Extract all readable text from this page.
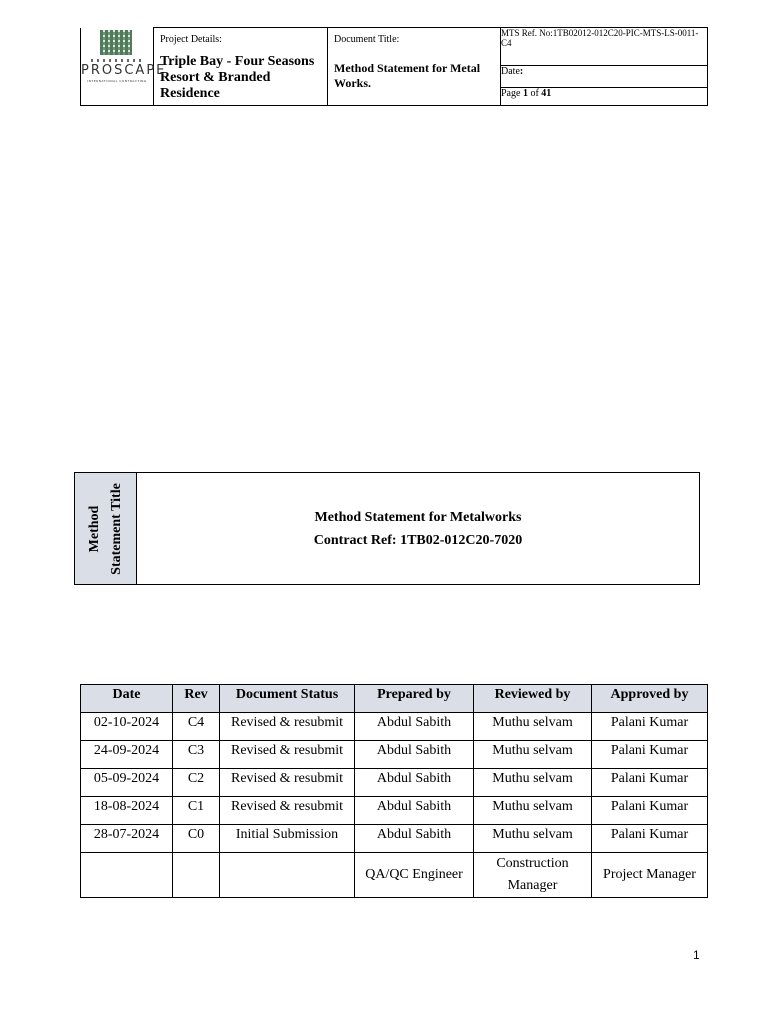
PROSCAPE
INTERNATIONAL CONTRACTING

Project Details:
Triple Bay - Four Seasons Resort & Branded Residence

Document Title:
Method Statement for Metal Works.
	MTS Ref. No:1TB02012-012C20-PIC-MTS-LS-0011-C4
Date:
Page 1 of 41
Method Statement Title	Method Statement for Metalworks
Contract Ref: 1TB02-012C20-7020
Date	Rev	Document Status	Prepared by	Reviewed by	Approved by
02-10-2024	C4	Revised & resubmit	Abdul Sabith	Muthu selvam	Palani Kumar
24-09-2024	C3	Revised & resubmit	Abdul Sabith	Muthu selvam	Palani Kumar
05-09-2024	C2	Revised & resubmit	Abdul Sabith	Muthu selvam	Palani Kumar
18-08-2024	C1	Revised & resubmit	Abdul Sabith	Muthu selvam	Palani Kumar
28-07-2024	C0	Initial Submission	Abdul Sabith	Muthu selvam	Palani Kumar
			QA/QC Engineer	Construction Manager	Project Manager
1
